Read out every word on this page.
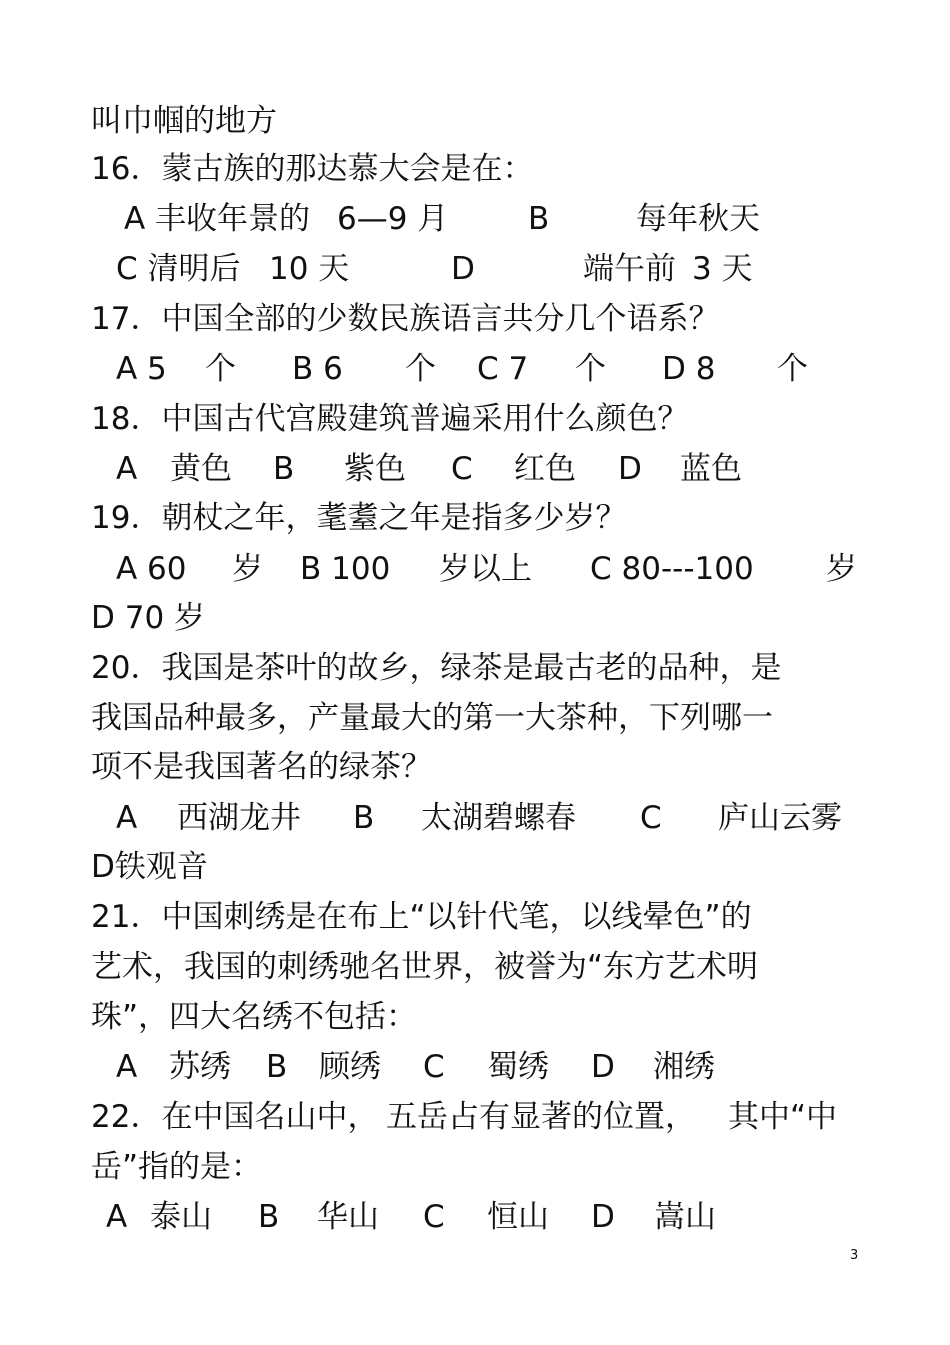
叫巾帼的地方
16．蒙古族的那达慕大会是在：
A 丰收年景的 6—9 月	B	每年秋天
C 清明后 10 天	D	端午前 3 天
17．中国全部的少数民族语言共分几个语系？
A 5 个 B 6 个 C 7 个 D 8 个
18．中国古代宫殿建筑普遍采用什么颜色？
A 黄色 B 紫色 C 红色 D 蓝色
19．朝杖之年，耄耋之年是指多少岁？
A 60 岁 B 100 岁以上 C 80---100 岁
D 70 岁
20．我国是茶叶的故乡，绿茶是最古老的品种，是
我国品种最多，产量最大的第一大茶种，下列哪一
项不是我国著名的绿茶？
A 西湖龙井 B 太湖碧螺春 C 庐山云雾
D铁观音
21．中国刺绣是在布上“以针代笔，以线晕色”的
艺术，我国的刺绣驰名世界，被誉为“东方艺术明
珠”，四大名绣不包括：
A 苏绣 B 顾绣 C 蜀绣 D 湘绣
22．在中国名山中， 五岳占有显著的位置， 其中“中
岳”指的是：
A 泰山 B 华山 C 恒山 D 嵩山
3
